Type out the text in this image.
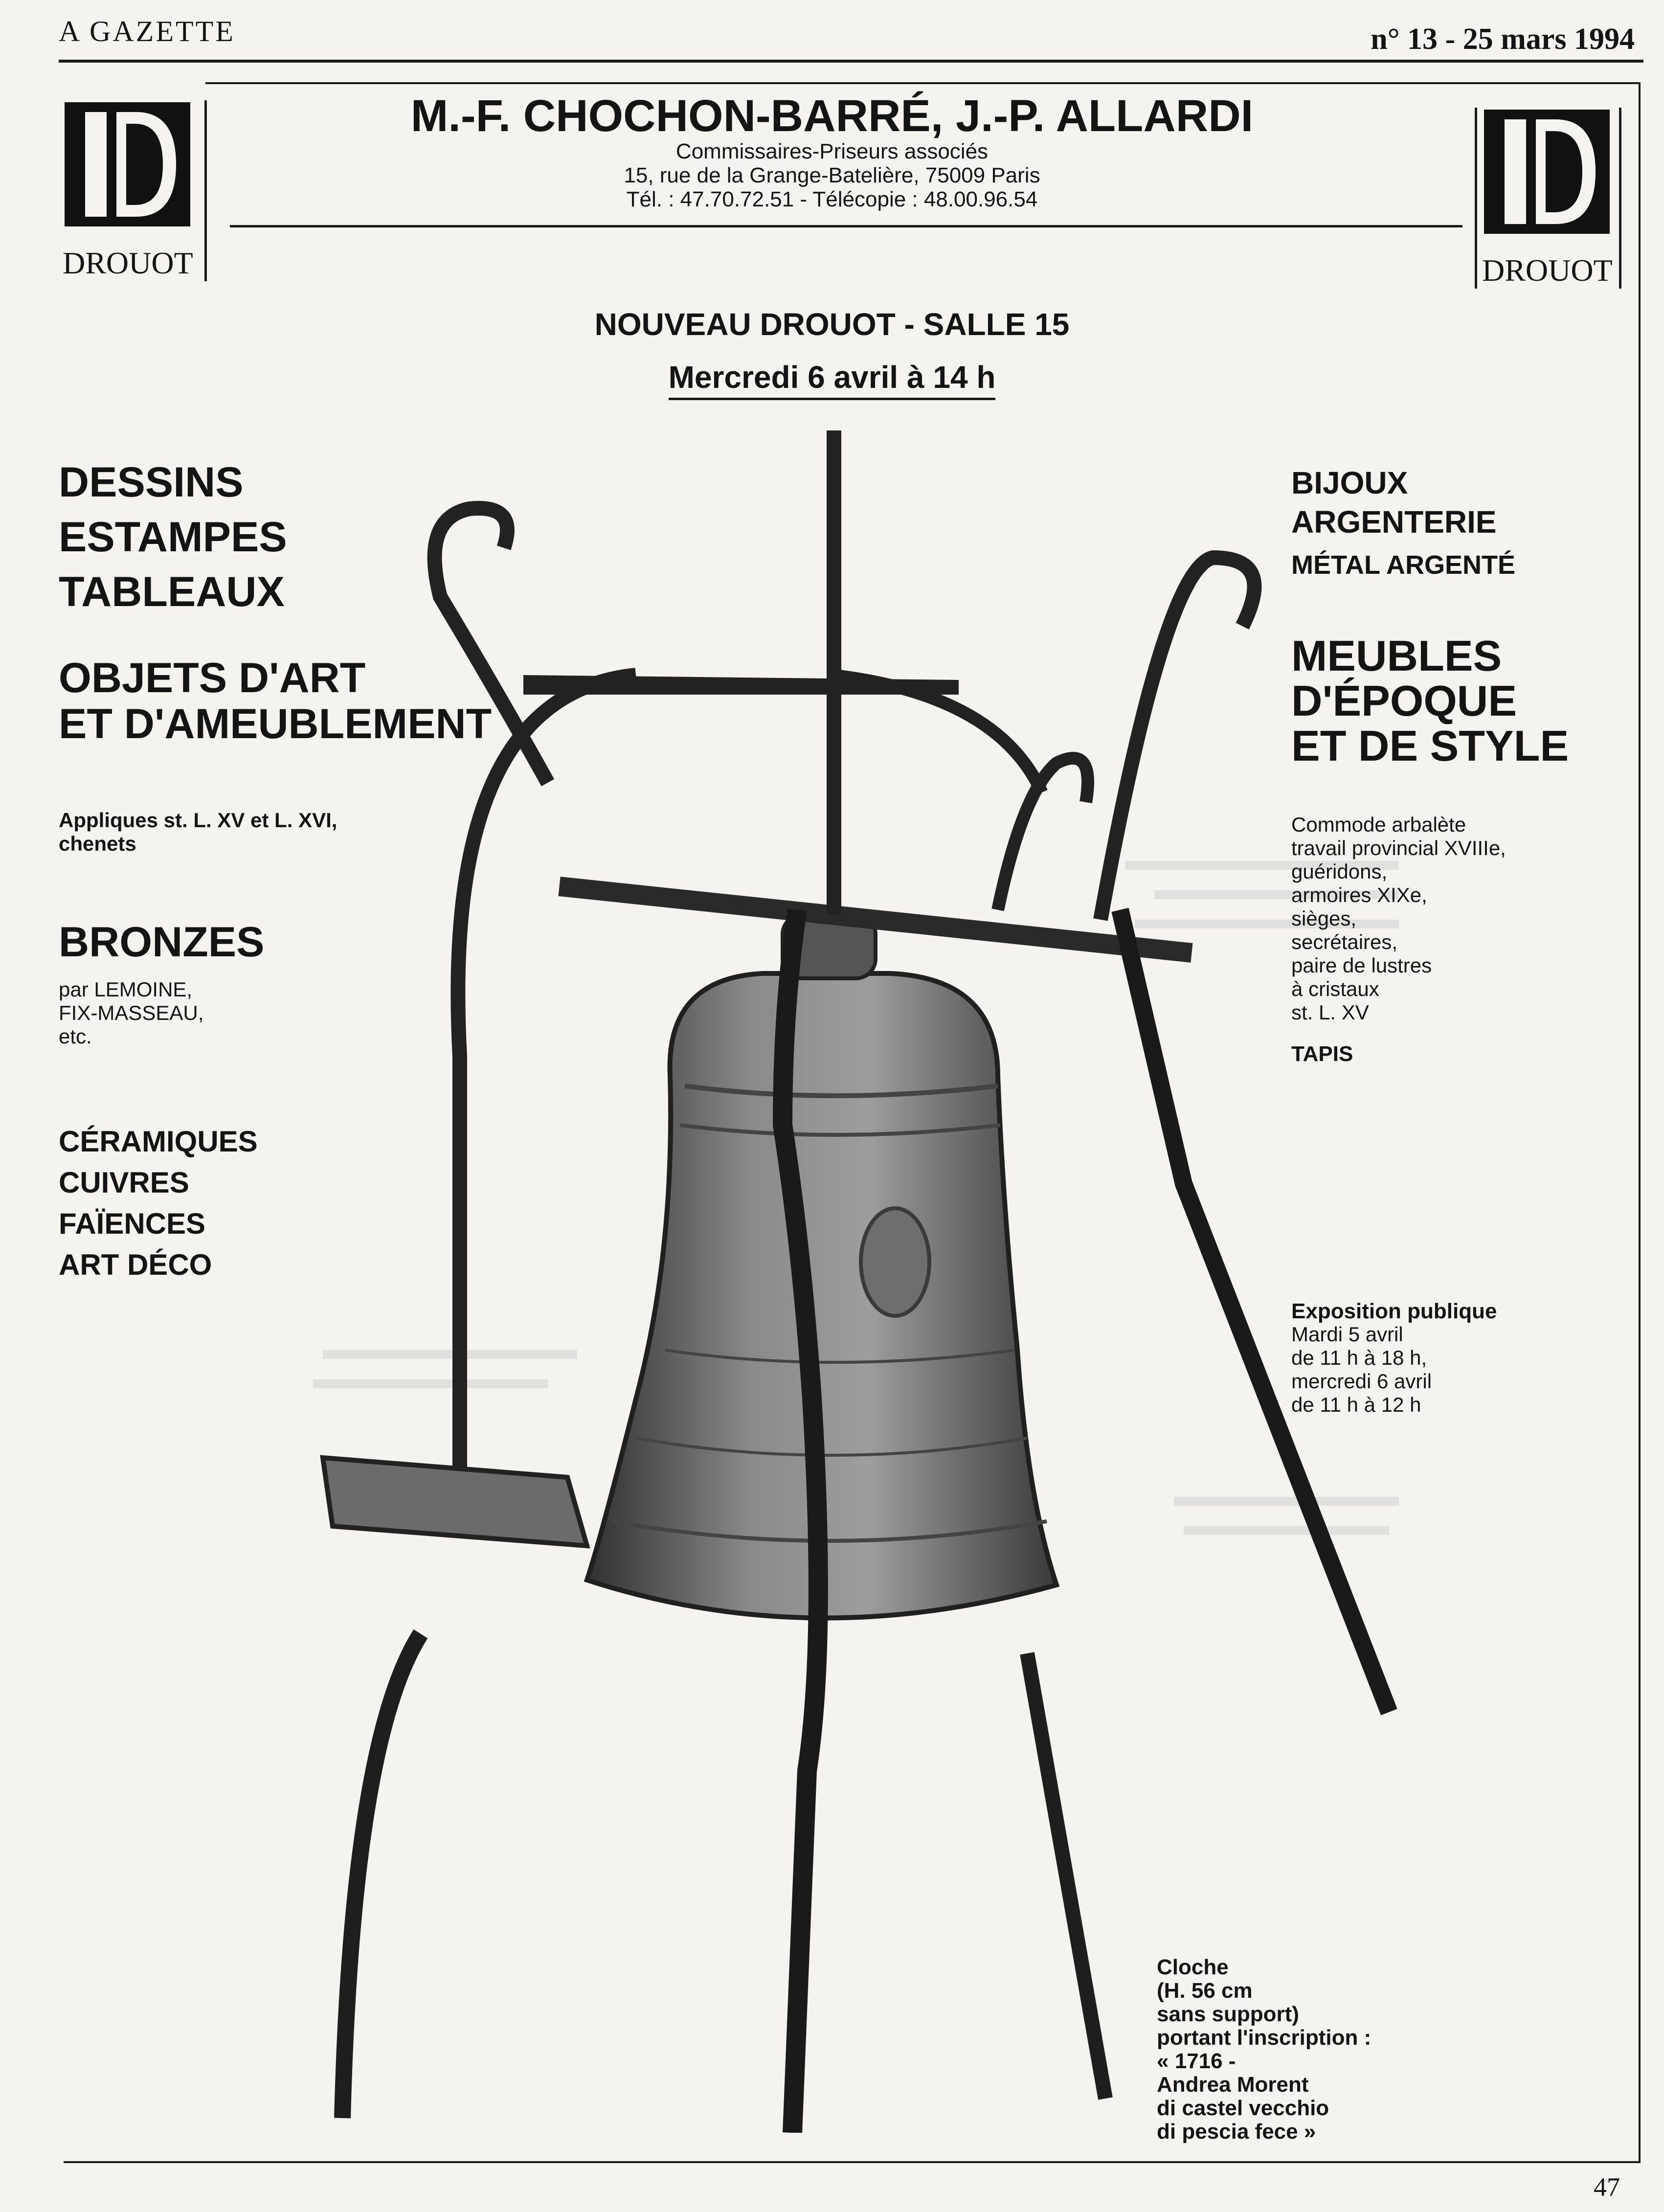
A GAZETTE	n° 13 - 25 mars 1994
DROUOT	DROUOT
M.-F. CHOCHON-BARRÉ, J.-P. ALLARDI
Commissaires-Priseurs associés
15, rue de la Grange-Batelière, 75009 Paris
Tél. : 47.70.72.51 - Télécopie : 48.00.96.54
NOUVEAU DROUOT - SALLE 15
Mercredi 6 avril à 14 h
DESSINS
ESTAMPES
TABLEAUX
OBJETS D'ART
ET D'AMEUBLEMENT
Appliques st. L. XV et L. XVI,
chenets
BRONZES
par LEMOINE,
FIX-MASSEAU,
etc.
CÉRAMIQUES
CUIVRES
FAÏENCES
ART DÉCO
BIJOUX
ARGENTERIE
MÉTAL ARGENTÉ
MEUBLES
D'ÉPOQUE
ET DE STYLE
Commode arbalète
travail provincial XVIIIe,
guéridons,
armoires XIXe,
sièges,
secrétaires,
paire de lustres
à cristaux
st. L. XV
TAPIS
Exposition publique
Mardi 5 avril
de 11 h à 18 h,
mercredi 6 avril
de 11 h à 12 h
Cloche
(H. 56 cm
sans support)
portant l'inscription :
« 1716 -
Andrea Morent
di castel vecchio
di pescia fece »
47
